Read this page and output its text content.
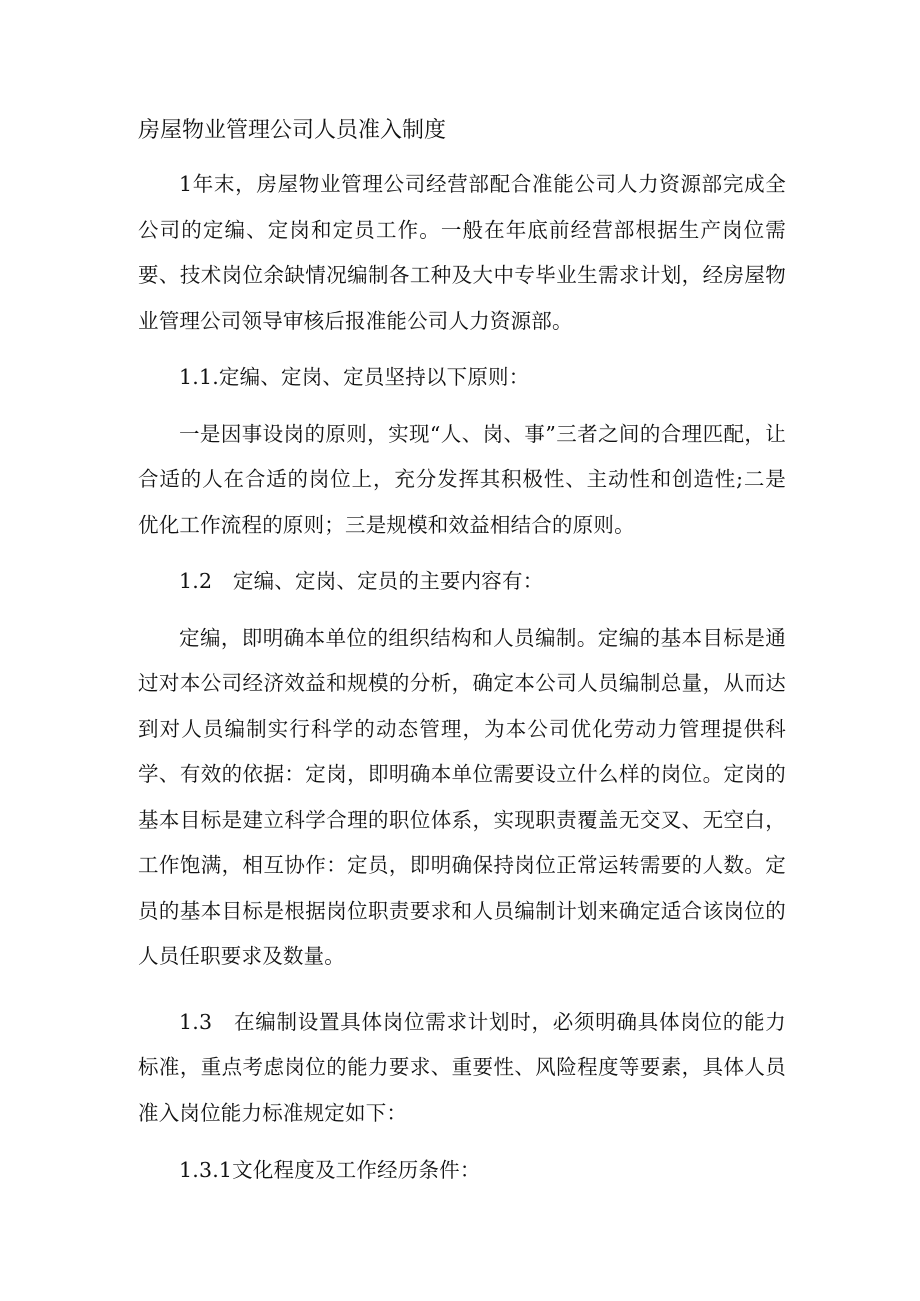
房屋物业管理公司人员准入制度

1年末，房屋物业管理公司经营部配合准能公司人力资源部完成全公司的定编、定岗和定员工作。一般在年底前经营部根据生产岗位需要、技术岗位余缺情况编制各工种及大中专毕业生需求计划，经房屋物业管理公司领导审核后报准能公司人力资源部。

1.1.定编、定岗、定员坚持以下原则：

一是因事设岗的原则，实现“人、岗、事”三者之间的合理匹配，让合适的人在合适的岗位上，充分发挥其积极性、主动性和创造性;二是优化工作流程的原则；三是规模和效益相结合的原则。

1.2　定编、定岗、定员的主要内容有：

定编，即明确本单位的组织结构和人员编制。定编的基本目标是通过对本公司经济效益和规模的分析，确定本公司人员编制总量，从而达到对人员编制实行科学的动态管理，为本公司优化劳动力管理提供科学、有效的依据：定岗，即明确本单位需要设立什么样的岗位。定岗的基本目标是建立科学合理的职位体系，实现职责覆盖无交叉、无空白，工作饱满，相互协作：定员，即明确保持岗位正常运转需要的人数。定员的基本目标是根据岗位职责要求和人员编制计划来确定适合该岗位的人员任职要求及数量。

1.3　在编制设置具体岗位需求计划时，必须明确具体岗位的能力标准，重点考虑岗位的能力要求、重要性、风险程度等要素，具体人员准入岗位能力标准规定如下：

1.3.1文化程度及工作经历条件：
